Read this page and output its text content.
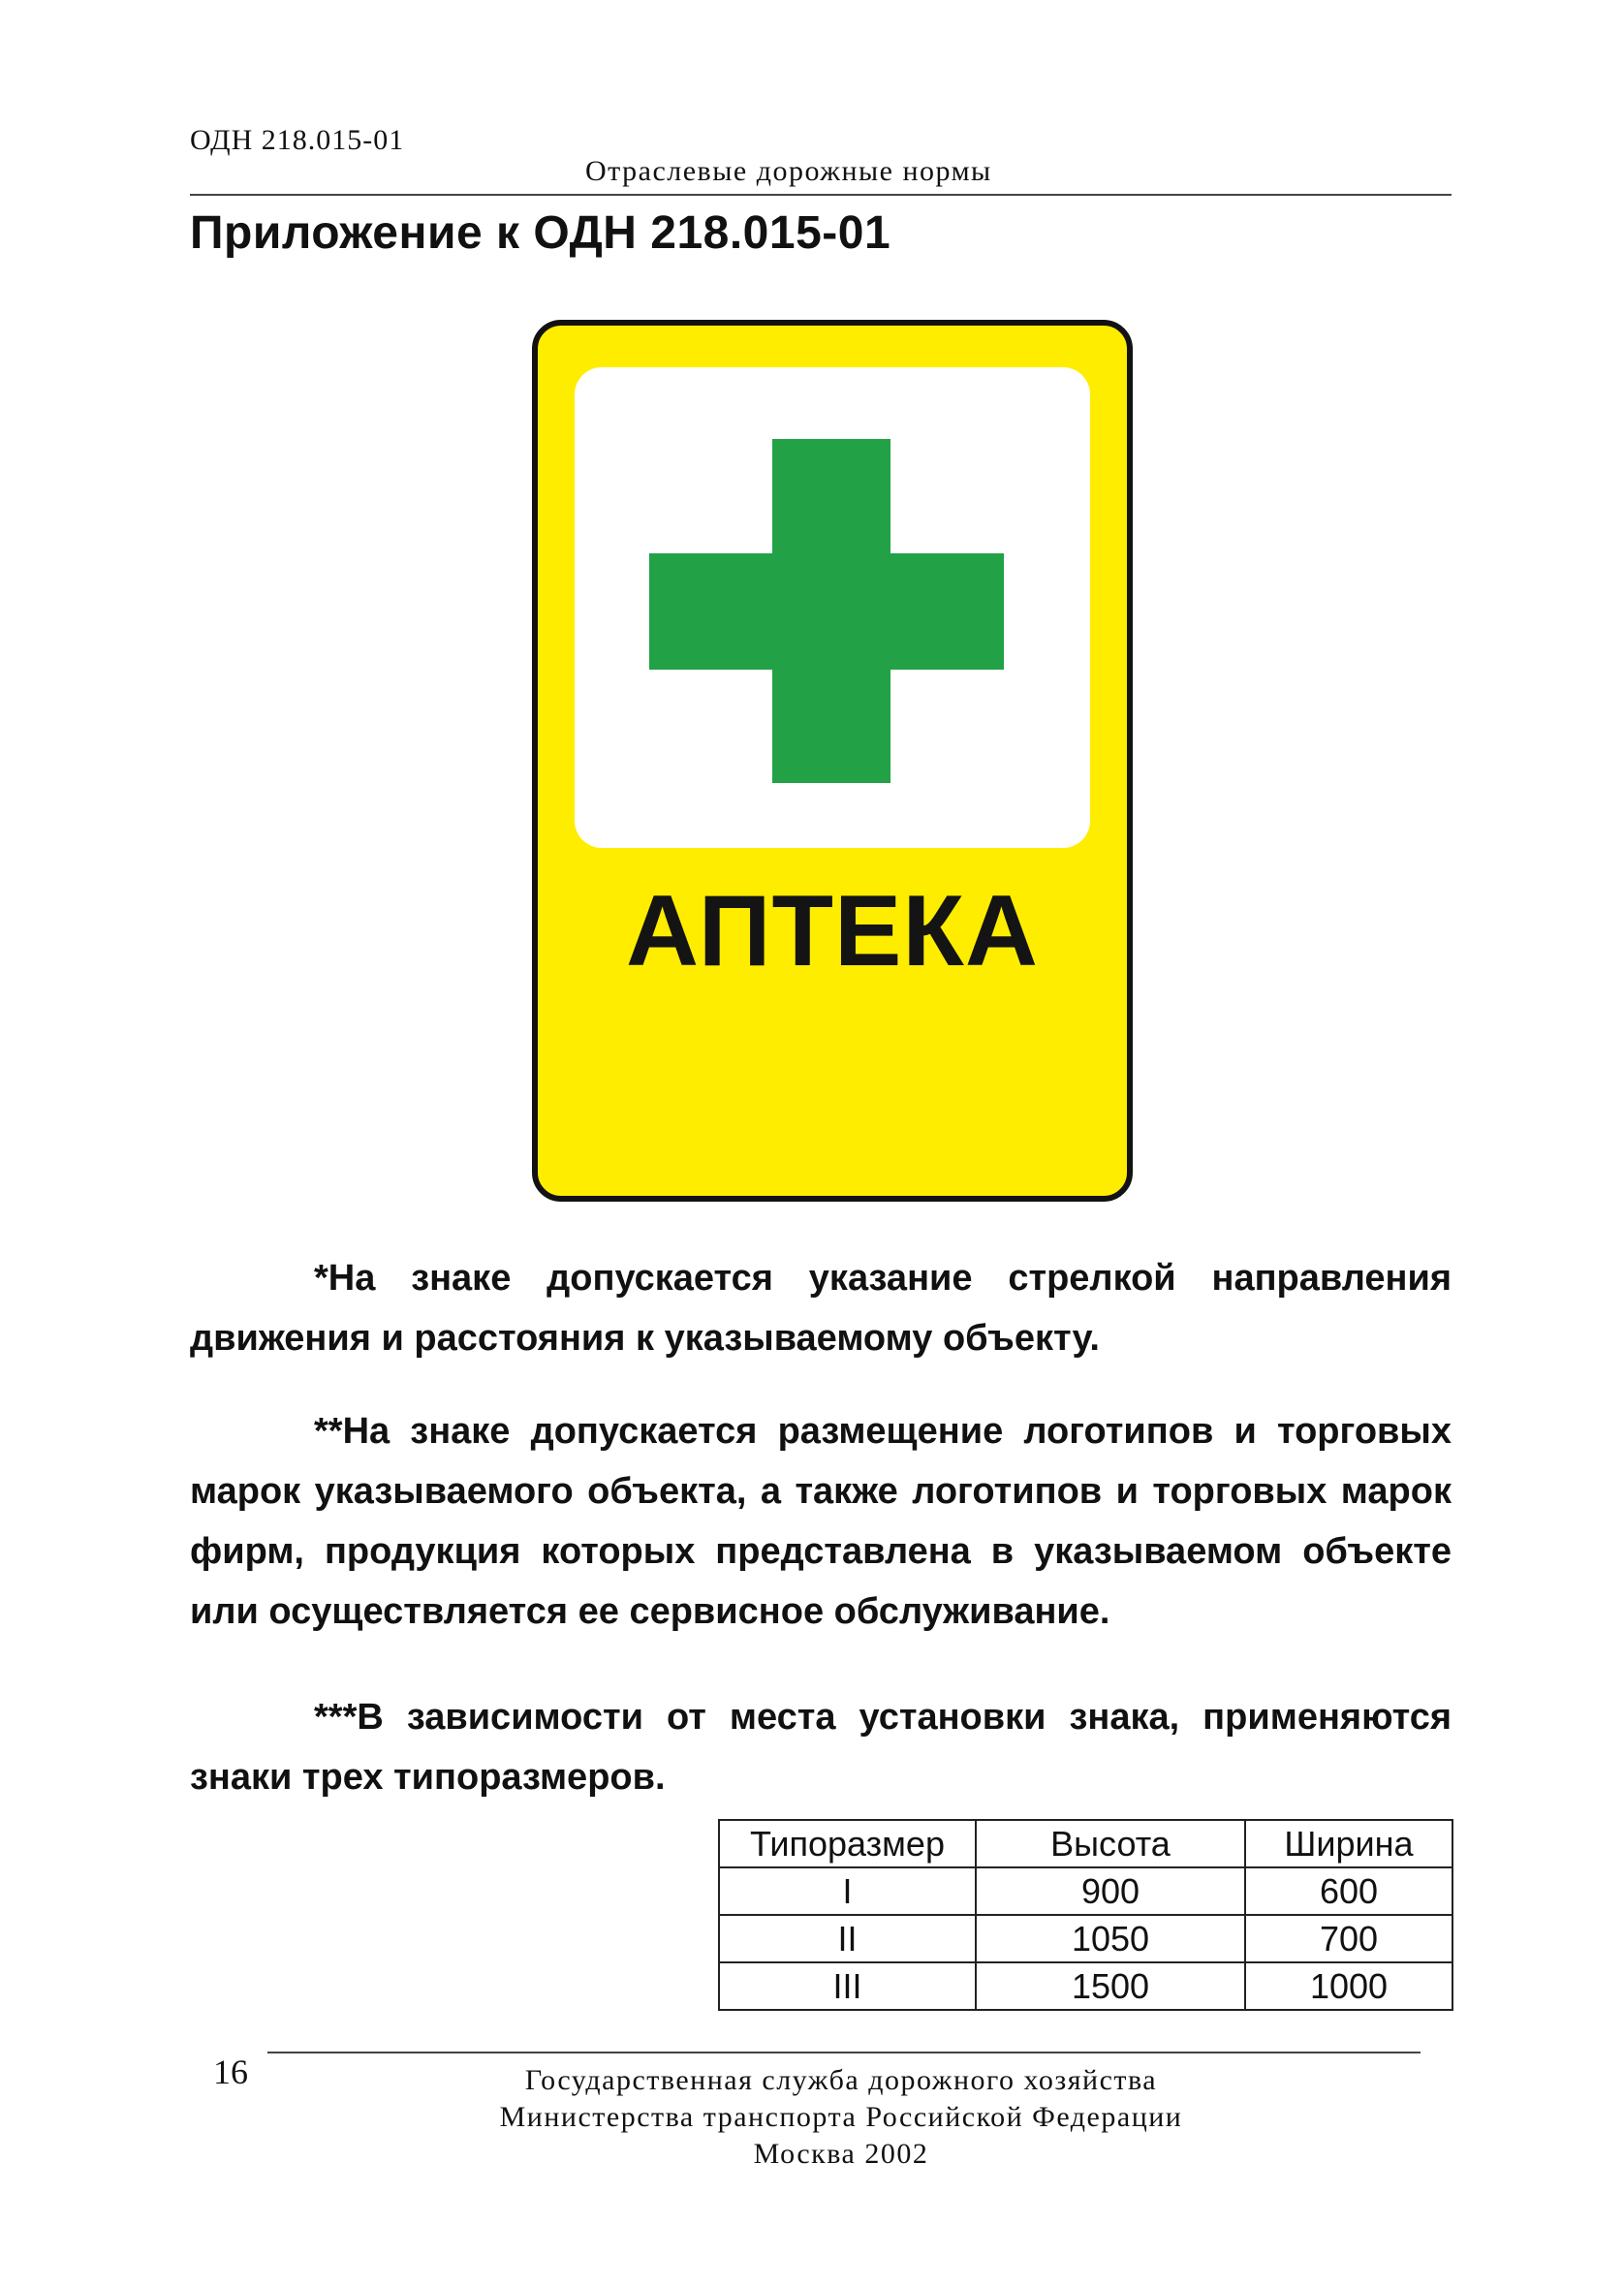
ОДН 218.015-01
Отраслевые дорожные нормы
Приложение к ОДН 218.015-01
АПТЕКА

*На знаке допускается указание стрелкой направления движения и расстояния к указываемому объекту.

**На знаке допускается размещение логотипов и торговых марок указываемого объекта, а также логотипов и торговых марок фирм, продукция которых представлена в указываемом объекте или осуществляется ее сервисное обслуживание.

***В зависимости от места установки знака, применяются знаки трех типоразмеров.

Типоразмер	Высота	Ширина
I	900	600
II	1050	700
III	1500	1000
16	Государственная служба дорожного хозяйства
Министерства транспорта Российской Федерации
Москва 2002
